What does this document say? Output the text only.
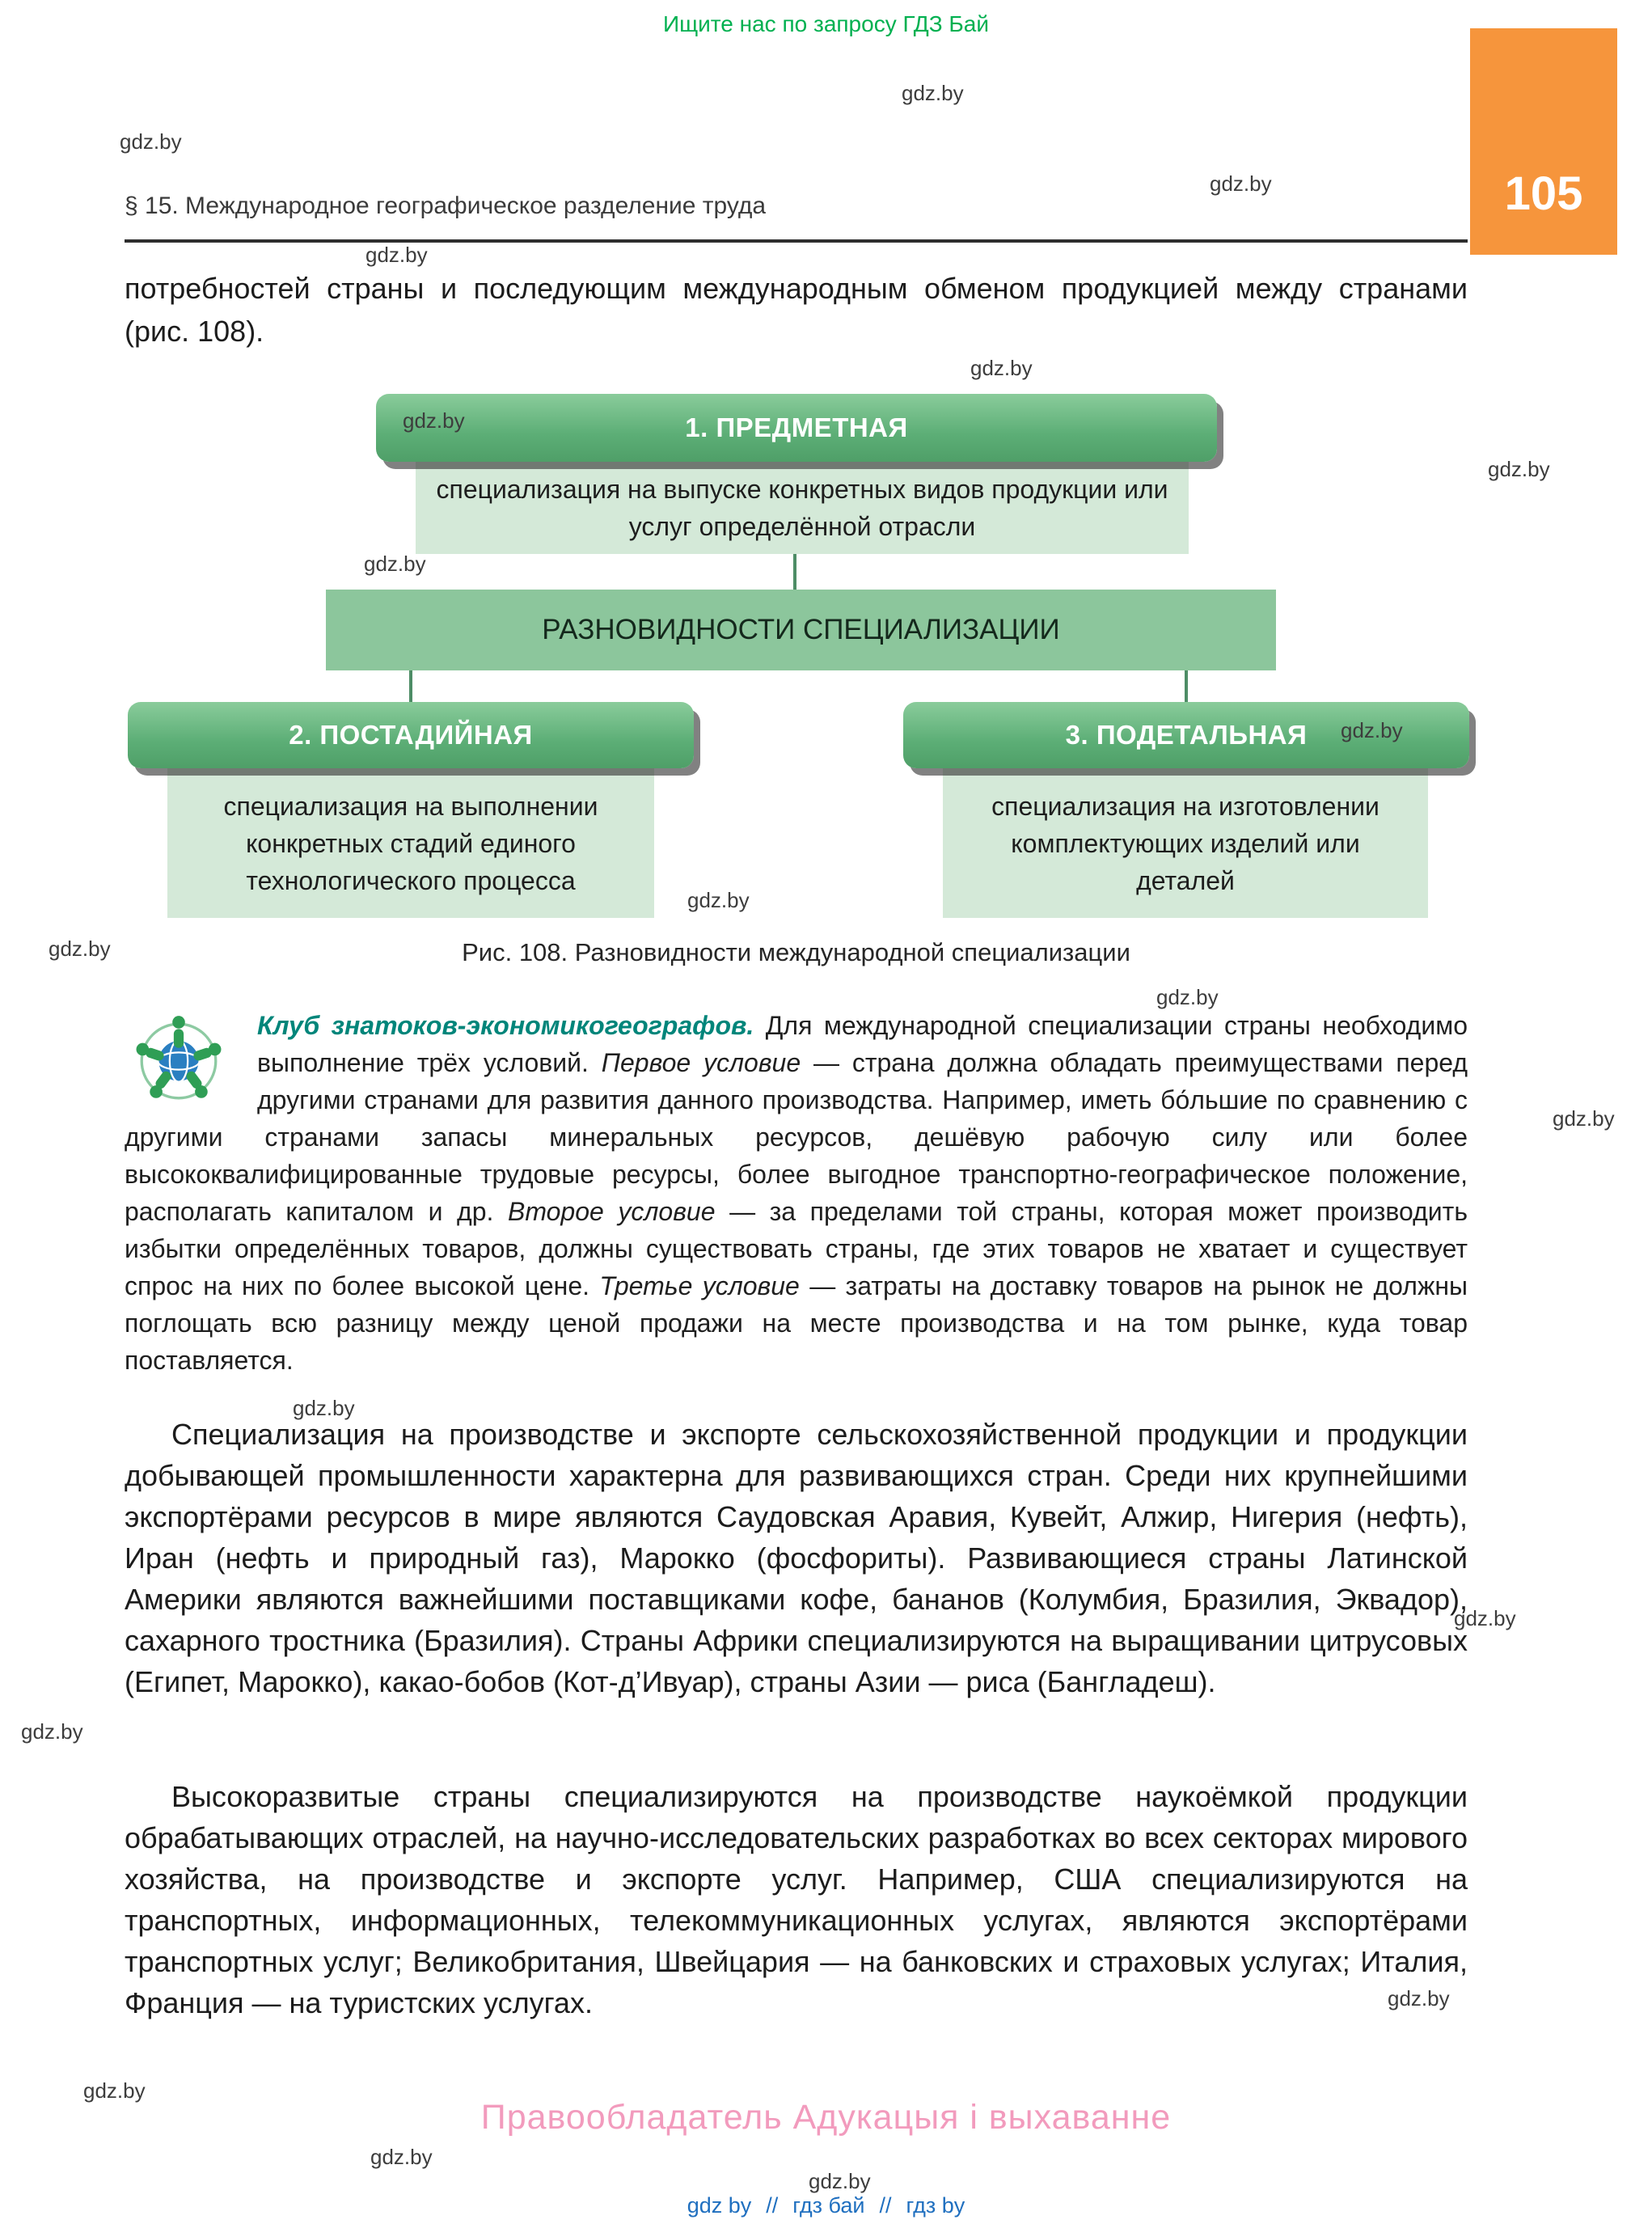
Ищите нас по запросу ГДЗ Бай
gdz.by
gdz.by
gdz.by
gdz.by
gdz.by
gdz.by
gdz.by
gdz.by
gdz.by
gdz.by
gdz.by
gdz.by
gdz.by
gdz.by
gdz.by
gdz.by
gdz.by
gdz.by
gdz.by
gdz.by
105
§ 15. Международное географическое разделение труда

потребностей страны и последующим международным обменом продукцией между странами (рис. 108).

специализация на выпуске конкретных видов продукции или услуг определённой отрасли
1. ПРЕДМЕТНАЯ
РАЗНОВИДНОСТИ СПЕЦИАЛИЗАЦИИ
специализация на выполнении конкретных стадий единого технологического процесса
2. ПОСТАДИЙНАЯ
специализация на изготовлении комплектующих изделий или деталей
3. ПОДЕТАЛЬНАЯ
Рис. 108. Разновидности международной специализации

Клуб знатоков-экономикогеографов. Для международной специализации страны необходимо выполнение трёх условий. Первое условие — страна должна обладать преимуществами перед другими странами для развития данного производства. Например, иметь бо́льшие по сравнению с другими странами запасы минеральных ресурсов, дешёвую рабочую силу или более высококвалифицированные трудовые ресурсы, более выгодное транспортно-географическое положение, располагать капиталом и др. Второе условие — за пределами той страны, которая может производить избытки определённых товаров, должны существовать страны, где этих товаров не хватает и существует спрос на них по более высокой цене. Третье условие — затраты на доставку товаров на рынок не должны поглощать всю разницу между ценой продажи на месте производства и на том рынке, куда товар поставляется.

Специализация на производстве и экспорте сельскохозяйственной продукции и продукции добывающей промышленности характерна для развивающихся стран. Среди них крупнейшими экспортёрами ресурсов в мире являются Саудовская Аравия, Кувейт, Алжир, Нигерия (нефть), Иран (нефть и природный газ), Марокко (фосфориты). Развивающиеся страны Латинской Америки являются важнейшими поставщиками кофе, бананов (Колумбия, Бразилия, Эквадор), сахарного тростника (Бразилия). Страны Африки специализируются на выращивании цитрусовых (Египет, Марокко), какао-бобов (Кот-д’Ивуар), страны Азии — риса (Бангладеш).

Высокоразвитые страны специализируются на производстве наукоёмкой продукции обрабатывающих отраслей, на научно-исследовательских разработках во всех секторах мирового хозяйства, на производстве и экспорте услуг. Например, США специализируются на транспортных, информационных, телекоммуникационных услугах, являются экспортёрами транспортных услуг; Великобритания, Швейцария — на банковских и страховых услугах; Италия, Франция — на туристских услугах.

Правообладатель Адукацыя і выхаванне
gdz by // гдз бай // гдз by
